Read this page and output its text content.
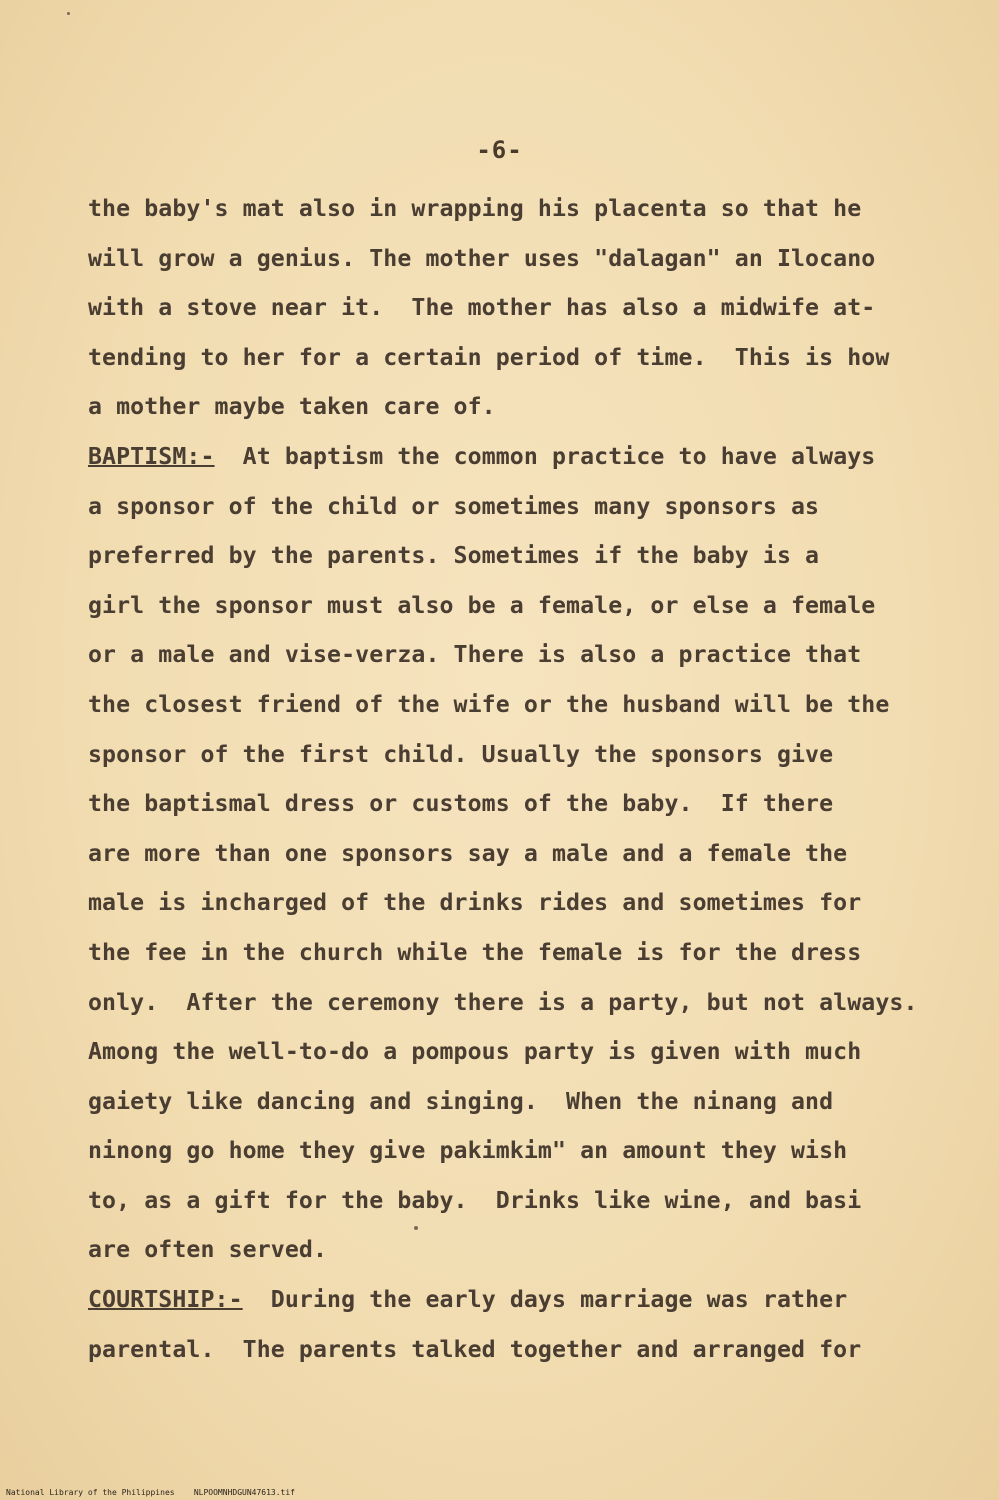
-6-
the baby's mat also in wrapping his placenta so that he
will grow a genius. The mother uses "dalagan" an Ilocano
with a stove near it.  The mother has also a midwife at-
tending to her for a certain period of time.  This is how
a mother maybe taken care of.
BAPTISM:-  At baptism the common practice to have always
a sponsor of the child or sometimes many sponsors as
preferred by the parents. Sometimes if the baby is a
girl the sponsor must also be a female, or else a female
or a male and vise-verza. There is also a practice that
the closest friend of the wife or the husband will be the
sponsor of the first child. Usually the sponsors give
the baptismal dress or customs of the baby.  If there
are more than one sponsors say a male and a female the
male is incharged of the drinks rides and sometimes for
the fee in the church while the female is for the dress
only.  After the ceremony there is a party, but not always.
Among the well-to-do a pompous party is given with much
gaiety like dancing and singing.  When the ninang and
ninong go home they give pakimkim" an amount they wish
to, as a gift for the baby.  Drinks like wine, and basi
are often served.
COURTSHIP:-  During the early days marriage was rather
parental.  The parents talked together and arranged for
National Library of the Philippines NLPOOMNHDGUN47613.tif
